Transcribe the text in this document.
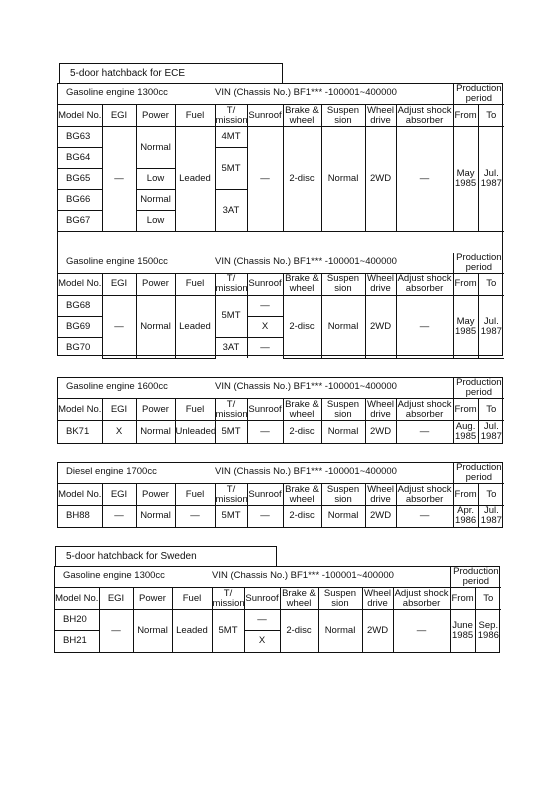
5-door hatchback for ECE
Gasoline engine 1300cc				VIN (Chassis No.) BF1*** -100001~400000						Production period	

Model No.	EGI	Power	Fuel	T/ mission	Sunroof	Brake & wheel	Suspen sion	Wheel drive	Adjust shock absorber	From	To
BG63	—	Normal	Leaded	4MT	—	2-disc	Normal	2WD	—	May 1985	Jul. 1987
BG64				5MT							
BG65		Low									
BG66		Normal		3AT							
BG67		Low									

Gasoline engine 1500cc				VIN (Chassis No.) BF1*** -100001~400000						Production period	

Model No.	EGI	Power	Fuel	T/ mission	Sunroof	Brake & wheel	Suspen sion	Wheel drive	Adjust shock absorber	From	To
BG68	—	Normal	Leaded	5MT	—	2-disc	Normal	2WD	—	May 1985	Jul. 1987
BG69					X						
BG70				3AT	—						
Gasoline engine 1600cc				VIN (Chassis No.) BF1*** -100001~400000						Production period	

Model No.	EGI	Power	Fuel	T/ mission	Sunroof	Brake & wheel	Suspen sion	Wheel drive	Adjust shock absorber	From	To
BK71	X	Normal	Unleaded	5MT	—	2-disc	Normal	2WD	—	Aug. 1985	Jul. 1987
Diesel engine 1700cc				VIN (Chassis No.) BF1*** -100001~400000						Production period	

Model No.	EGI	Power	Fuel	T/ mission	Sunroof	Brake & wheel	Suspen sion	Wheel drive	Adjust shock absorber	From	To
BH88	—	Normal	—	5MT	—	2-disc	Normal	2WD	—	Apr. 1986	Jul. 1987
5-door hatchback for Sweden
Gasoline engine 1300cc				VIN (Chassis No.) BF1*** -100001~400000						Production period	

Model No.	EGI	Power	Fuel	T/ mission	Sunroof	Brake & wheel	Suspen sion	Wheel drive	Adjust shock absorber	From	To
BH20	—	Normal	Leaded	5MT	—	2-disc	Normal	2WD	—	June 1985	Sep. 1986
BH21					X						
